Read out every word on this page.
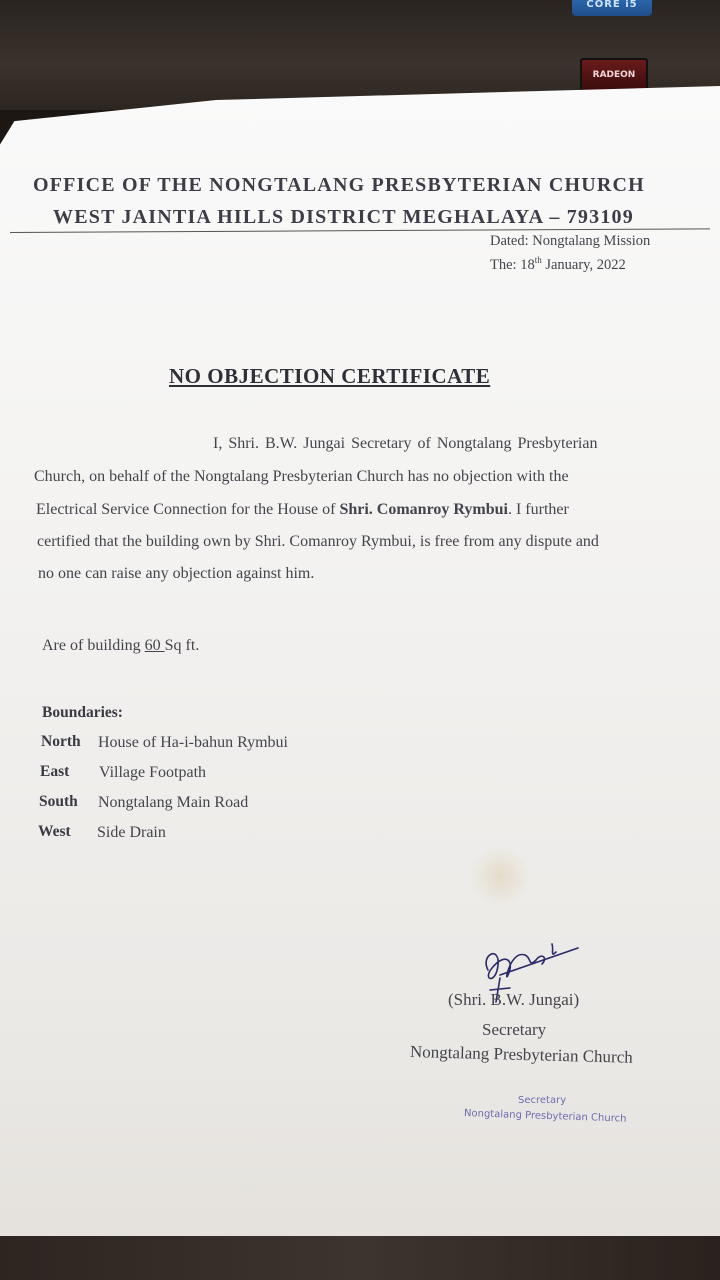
CORE i5
RADEON
OFFICE OF THE NONGTALANG PRESBYTERIAN CHURCH
WEST JAINTIA HILLS DISTRICT MEGHALAYA – 793109
Dated: Nongtalang Mission
The: 18th January, 2022
NO OBJECTION CERTIFICATE
I, Shri. B.W. Jungai Secretary of Nongtalang Presbyterian
Church, on behalf of the Nongtalang Presbyterian Church has no objection with the
Electrical Service Connection for the House of Shri. Comanroy Rymbui. I further
certified that the building own by Shri. Comanroy Rymbui, is free from any dispute and
no one can raise any objection against him.
Are of building 60 Sq ft.
Boundaries:
North House of Ha-i-bahun Rymbui
East Village Footpath
South Nongtalang Main Road
West Side Drain
(Shri. B.W. Jungai)
Secretary
Nongtalang Presbyterian Church
Secretary
Nongtalang Presbyterian Church
